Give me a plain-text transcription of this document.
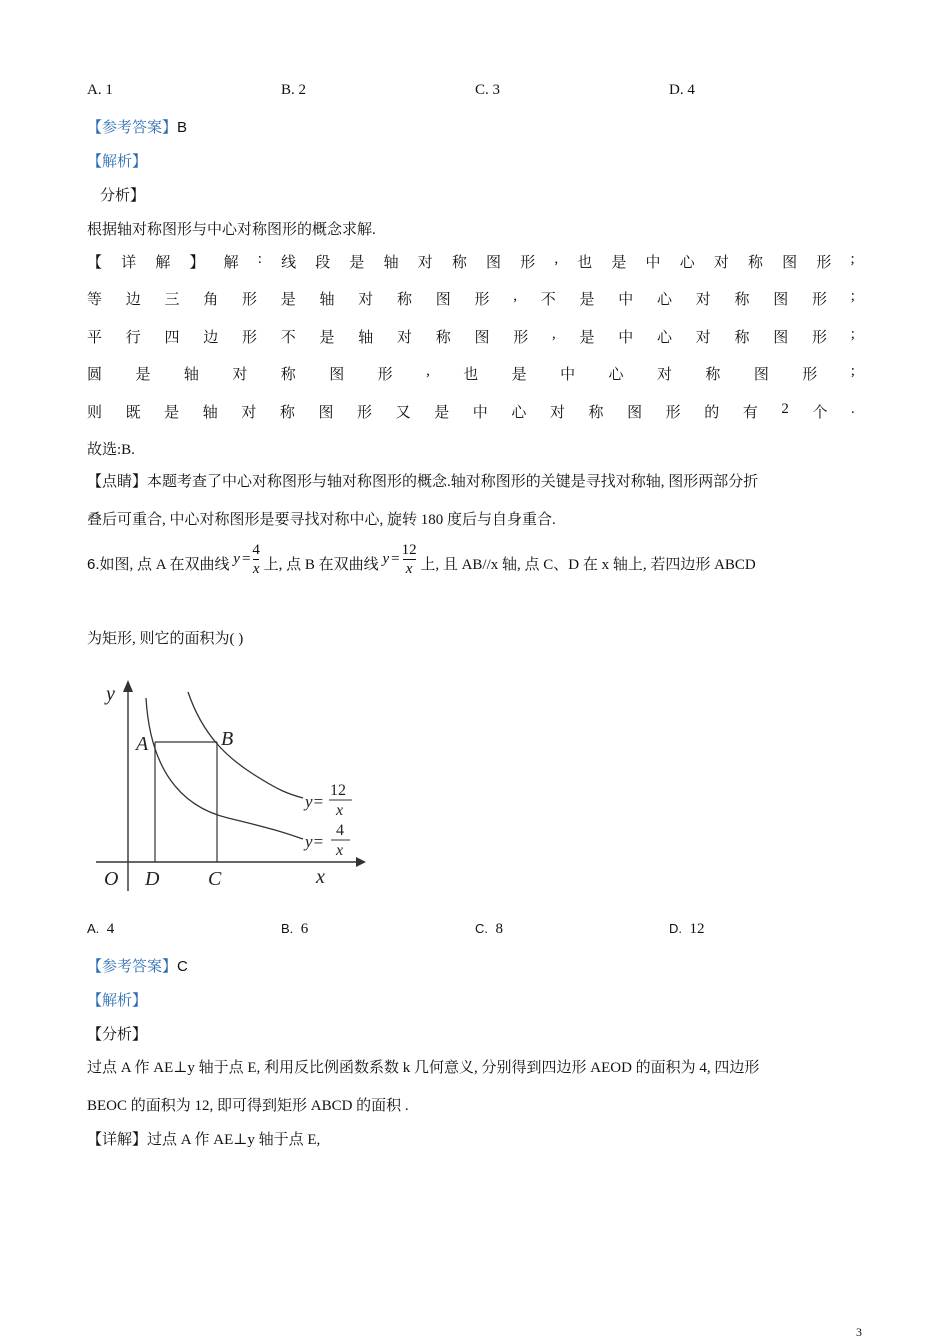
A. 1	B. 2	C. 3	D. 4
【参考答案】B
【解析】
分析】
根据轴对称图形与中心对称图形的概念求解.
【 详 解 】 解 : 线 段 是 轴 对 称 图 形 , 也 是 中 心 对 称 图 形 ;
等 边 三 角 形 是 轴 对 称 图 形 , 不 是 中 心 对 称 图 形 ;
平 行 四 边 形 不 是 轴 对 称 图 形 , 是 中 心 对 称 图 形 ;
圆 是 轴 对 称 图 形 , 也 是 中 心 对 称 图 形 ;
则 既 是 轴 对 称 图 形 又 是 中 心 对 称 图 形 的 有 2 个 .
故选:B.
【点睛】本题考查了中心对称图形与轴对称图形的概念.轴对称图形的关键是寻找对称轴, 图形两部分折
叠后可重合, 中心对称图形是要寻找对称中心, 旋转 180 度后与自身重合.
6.如图, 点 A 在双曲线 $y = \frac{4}{x}$ 上, 点 B 在双曲线 $y = \frac{12}{x}$ 上, 且 AB//x 轴, 点 C、D 在 x 轴上, 若四边形 ABCD
为矩形, 则它的面积为( )
y
x
O D C
A	B
y=
12
x
y=
4
x
A. 4	B. 6	C. 8	D. 12
【参考答案】C
【解析】
【分析】
过点 A 作 AE⊥y 轴于点 E, 利用反比例函数系数 k 几何意义, 分别得到四边形 AEOD 的面积为 4, 四边形
BEOC 的面积为 12, 即可得到矩形 ABCD 的面积 .
【详解】过点 A 作 AE⊥y 轴于点 E,
3
